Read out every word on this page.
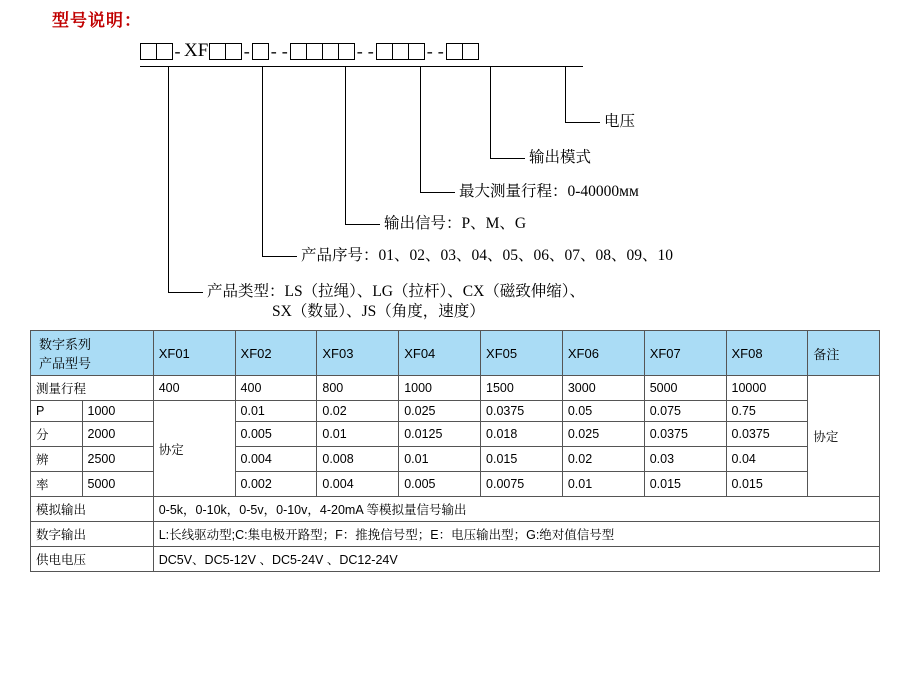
型号说明：
- XF - - -	- -	- -
电压
输出模式
最大测量行程：0-40000ᴍᴍ
输出信号：P、M、G
产品序号：01、02、03、04、05、06、07、08、09、10
产品类型：LS（拉绳）、LG（拉杆）、CX（磁致伸缩）、
SX（数显）、JS（角度，速度）
数字系列
产品型号		XF01	XF02	XF03	XF04	XF05	XF06	XF07	XF08	备注
测量行程		400	400	800	1000	1500	3000	5000	10000	协定
P	1000	协定	0.01	0.02	0.025	0.0375	0.05	0.075	0.75	
分	2000		0.005	0.01	0.0125	0.018	0.025	0.0375	0.0375	
辨	2500		0.004	0.008	0.01	0.015	0.02	0.03	0.04	
率	5000		0.002	0.004	0.005	0.0075	0.01	0.015	0.015	
模拟输出		0-5k，0-10k，0-5v，0-10v，4-20mA 等模拟量信号输出								
数字输出		L:长线驱动型;C:集电极开路型；F：推挽信号型；E：电压输出型；G:绝对值信号型								
供电电压		DC5V、DC5-12V 、DC5-24V 、DC12-24V								
